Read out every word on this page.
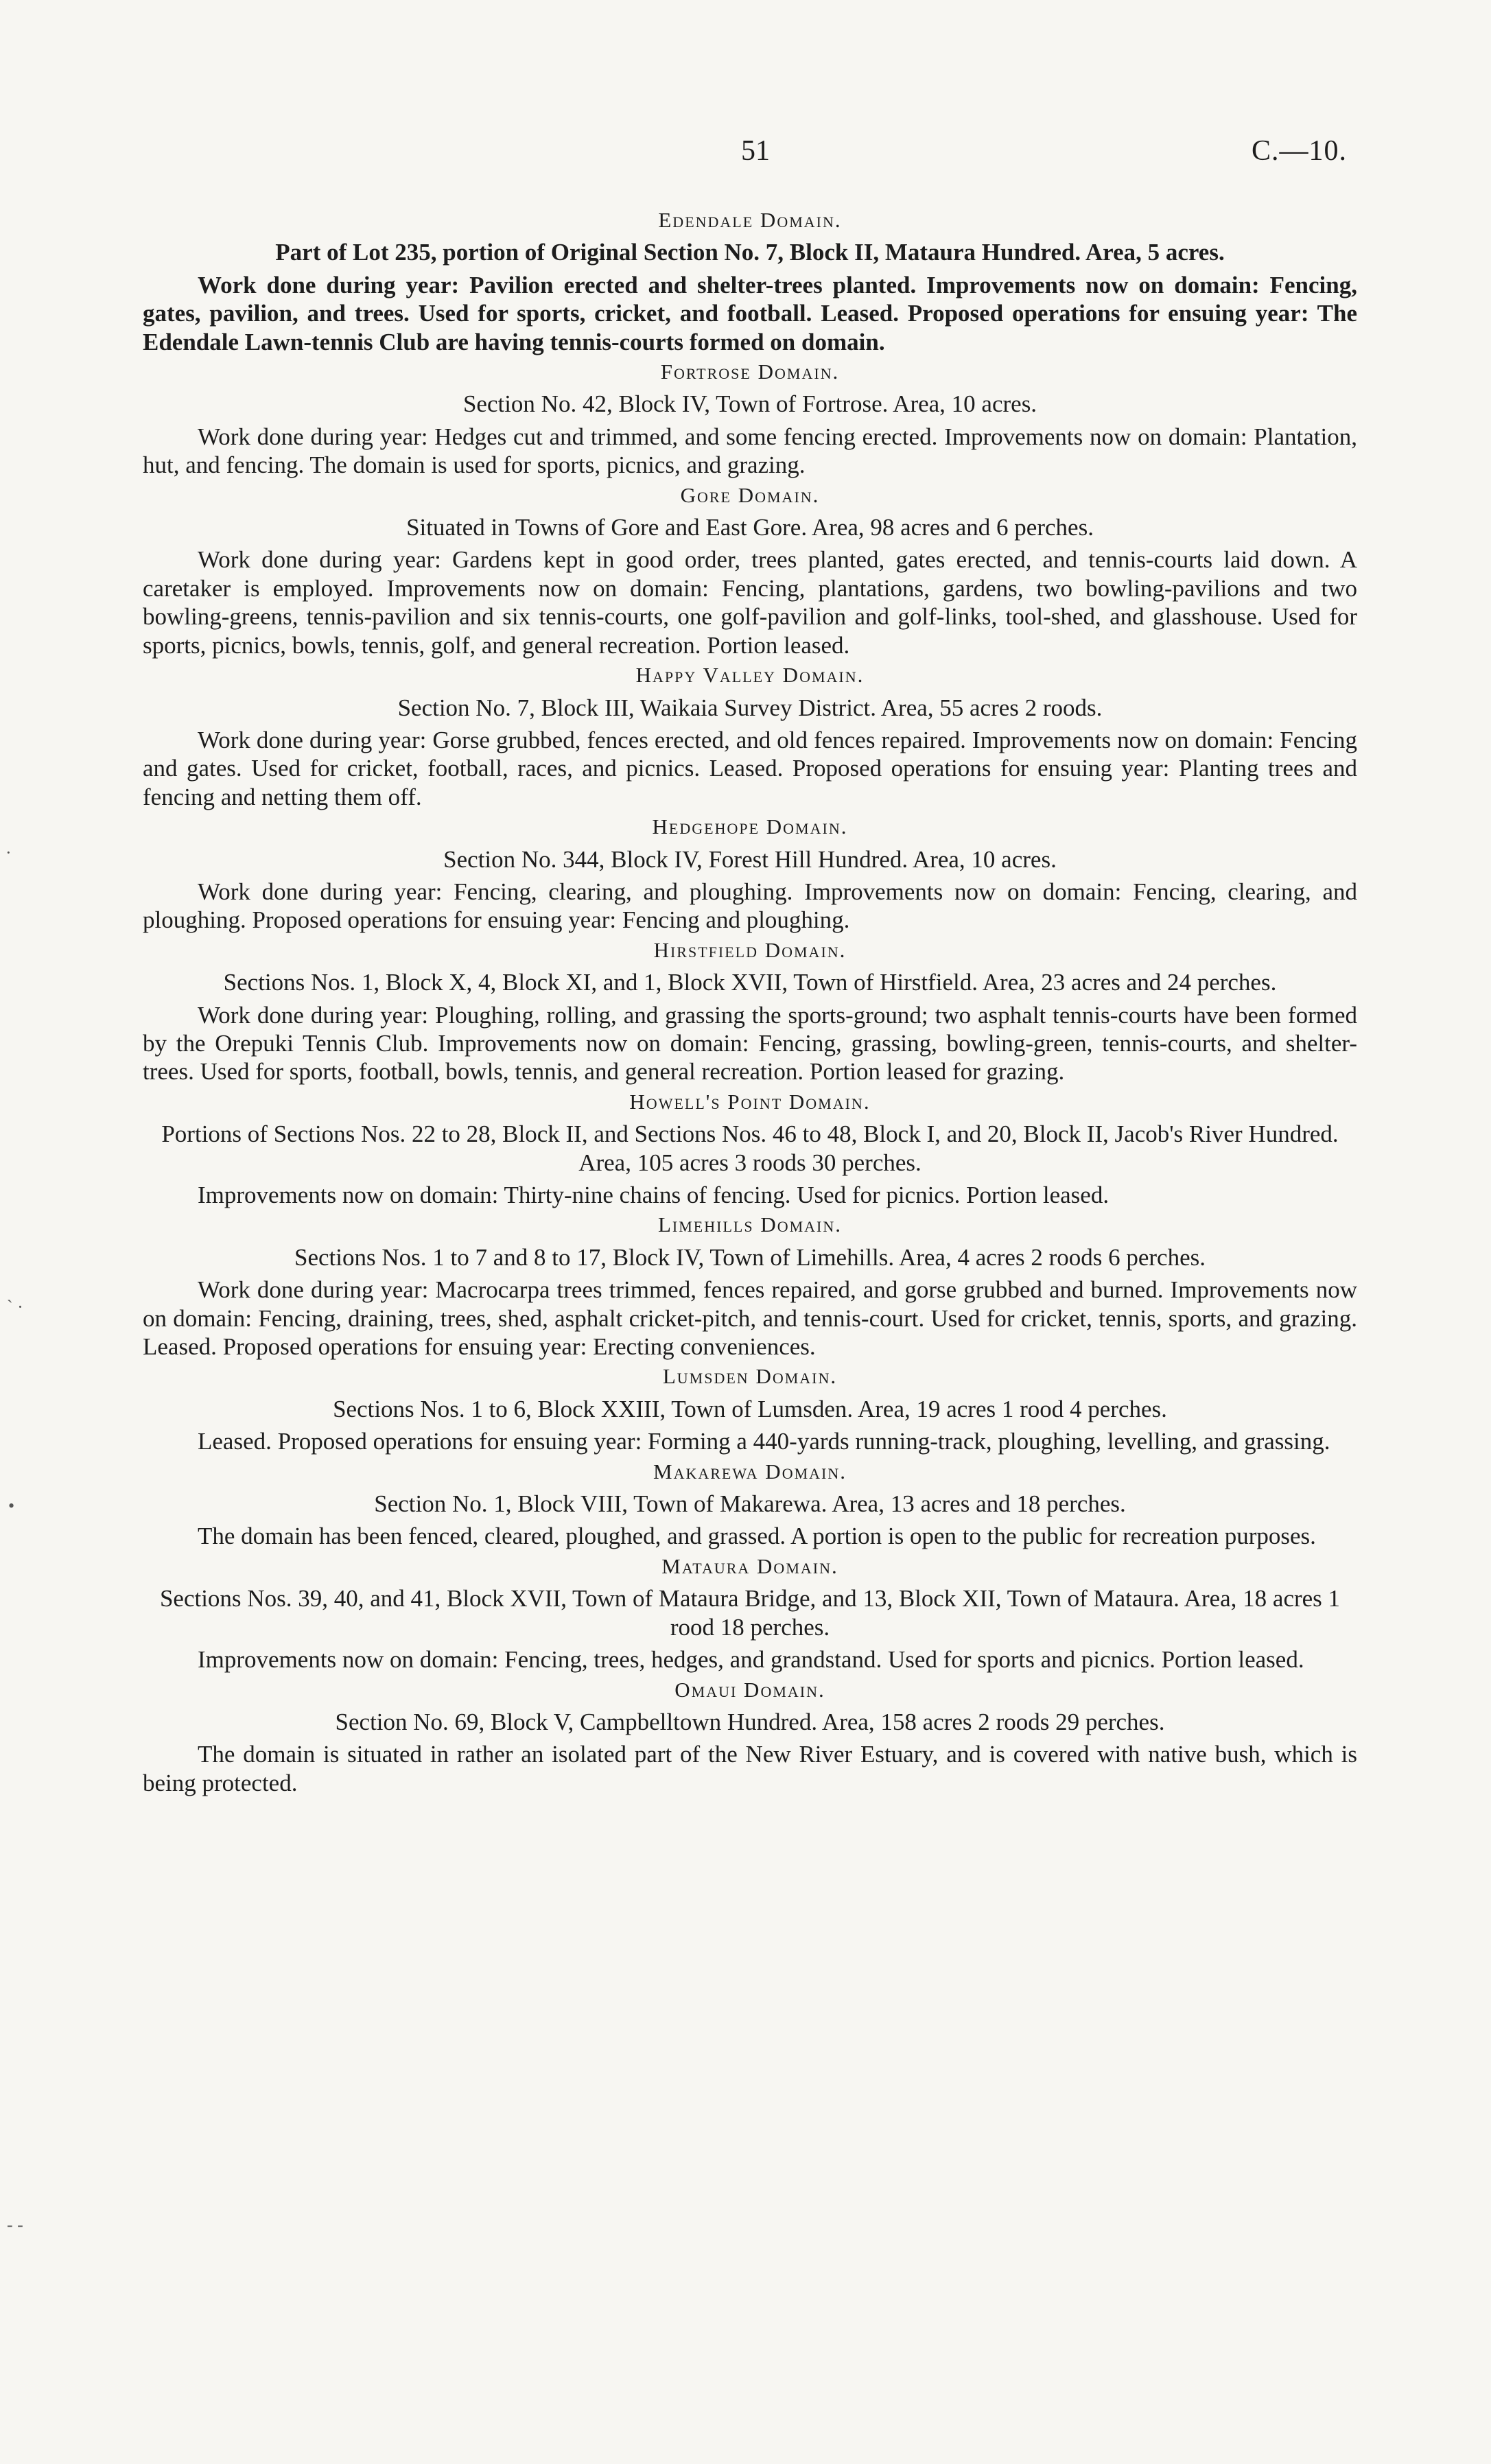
51	C.—10.
·
ˋ ·
•
- -
Edendale Domain.
Part of Lot 235, portion of Original Section No. 7, Block II, Mataura Hundred. Area, 5 acres.

Work done during year: Pavilion erected and shelter-trees planted. Improvements now on domain: Fencing, gates, pavilion, and trees. Used for sports, cricket, and football. Leased. Proposed operations for ensuing year: The Edendale Lawn-tennis Club are having tennis-courts formed on domain.

Fortrose Domain.
Section No. 42, Block IV, Town of Fortrose. Area, 10 acres.

Work done during year: Hedges cut and trimmed, and some fencing erected. Improvements now on domain: Plantation, hut, and fencing. The domain is used for sports, picnics, and grazing.

Gore Domain.
Situated in Towns of Gore and East Gore. Area, 98 acres and 6 perches.

Work done during year: Gardens kept in good order, trees planted, gates erected, and tennis-courts laid down. A caretaker is employed. Improvements now on domain: Fencing, plantations, gardens, two bowling-pavilions and two bowling-greens, tennis-pavilion and six tennis-courts, one golf-pavilion and golf-links, tool-shed, and glasshouse. Used for sports, picnics, bowls, tennis, golf, and general recreation. Portion leased.

Happy Valley Domain.
Section No. 7, Block III, Waikaia Survey District. Area, 55 acres 2 roods.

Work done during year: Gorse grubbed, fences erected, and old fences repaired. Improvements now on domain: Fencing and gates. Used for cricket, football, races, and picnics. Leased. Proposed operations for ensuing year: Planting trees and fencing and netting them off.

Hedgehope Domain.
Section No. 344, Block IV, Forest Hill Hundred. Area, 10 acres.

Work done during year: Fencing, clearing, and ploughing. Improvements now on domain: Fencing, clearing, and ploughing. Proposed operations for ensuing year: Fencing and ploughing.

Hirstfield Domain.
Sections Nos. 1, Block X, 4, Block XI, and 1, Block XVII, Town of Hirstfield. Area, 23 acres and 24 perches.

Work done during year: Ploughing, rolling, and grassing the sports-ground; two asphalt tennis-courts have been formed by the Orepuki Tennis Club. Improvements now on domain: Fencing, grassing, bowling-green, tennis-courts, and shelter-trees. Used for sports, football, bowls, tennis, and general recreation. Portion leased for grazing.

Howell's Point Domain.
Portions of Sections Nos. 22 to 28, Block II, and Sections Nos. 46 to 48, Block I, and 20, Block II, Jacob's River Hundred. Area, 105 acres 3 roods 30 perches.

Improvements now on domain: Thirty-nine chains of fencing. Used for picnics. Portion leased.

Limehills Domain.
Sections Nos. 1 to 7 and 8 to 17, Block IV, Town of Limehills. Area, 4 acres 2 roods 6 perches.

Work done during year: Macrocarpa trees trimmed, fences repaired, and gorse grubbed and burned. Improvements now on domain: Fencing, draining, trees, shed, asphalt cricket-pitch, and tennis-court. Used for cricket, tennis, sports, and grazing. Leased. Proposed operations for ensuing year: Erecting conveniences.

Lumsden Domain.
Sections Nos. 1 to 6, Block XXIII, Town of Lumsden. Area, 19 acres 1 rood 4 perches.

Leased. Proposed operations for ensuing year: Forming a 440-yards running-track, ploughing, levelling, and grassing.

Makarewa Domain.
Section No. 1, Block VIII, Town of Makarewa. Area, 13 acres and 18 perches.

The domain has been fenced, cleared, ploughed, and grassed. A portion is open to the public for recreation purposes.

Mataura Domain.
Sections Nos. 39, 40, and 41, Block XVII, Town of Mataura Bridge, and 13, Block XII, Town of Mataura. Area, 18 acres 1 rood 18 perches.

Improvements now on domain: Fencing, trees, hedges, and grandstand. Used for sports and picnics. Portion leased.

Omaui Domain.
Section No. 69, Block V, Campbelltown Hundred. Area, 158 acres 2 roods 29 perches.

The domain is situated in rather an isolated part of the New River Estuary, and is covered with native bush, which is being protected.
